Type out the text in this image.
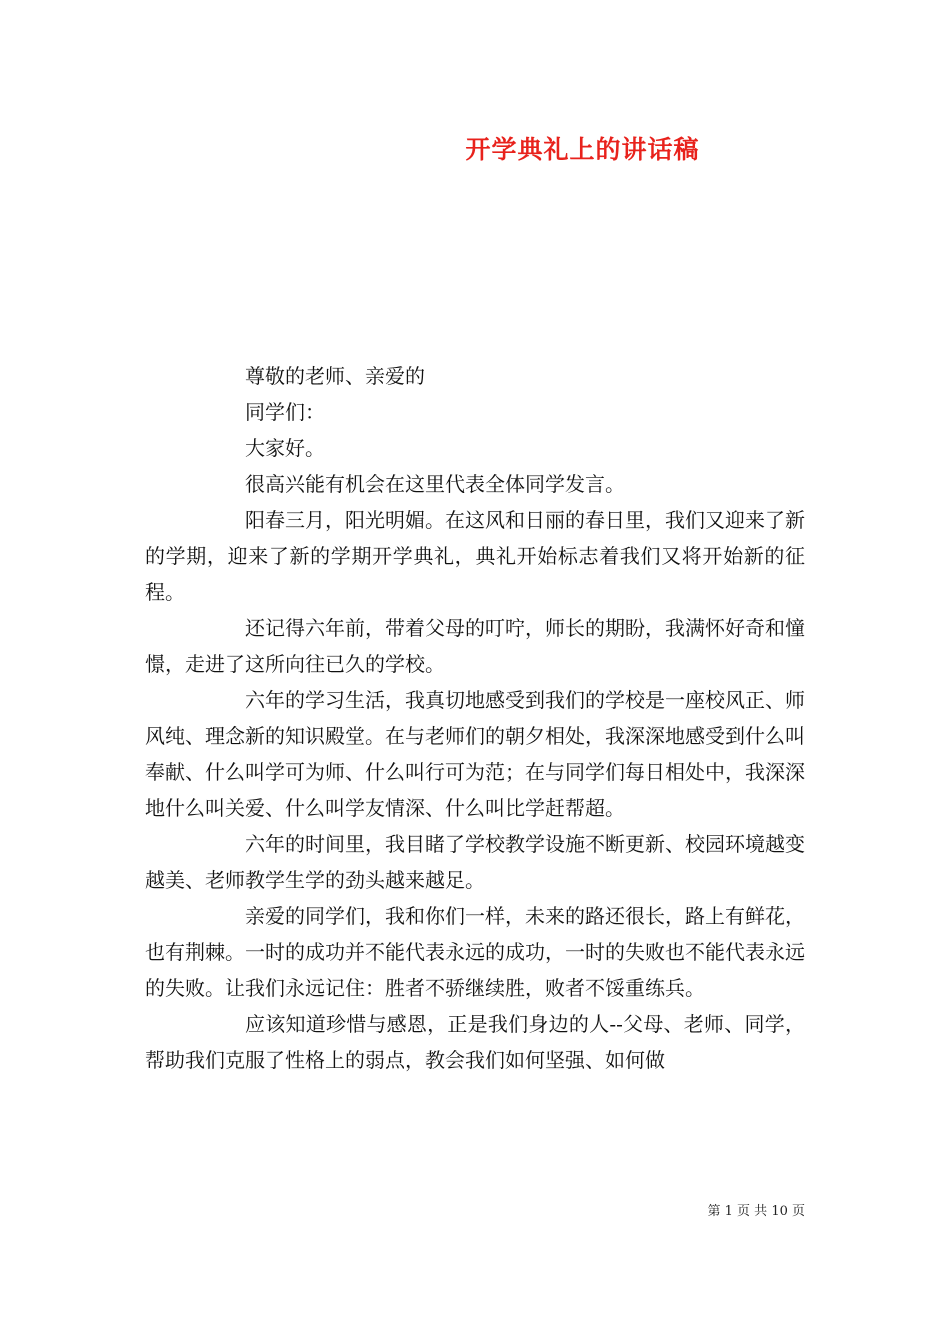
开学典礼上的讲话稿

尊敬的老师、亲爱的

同学们：

大家好。

很高兴能有机会在这里代表全体同学发言。

阳春三月，阳光明媚。在这风和日丽的春日里，我们又迎来了新的学期，迎来了新的学期开学典礼，典礼开始标志着我们又将开始新的征程。

还记得六年前，带着父母的叮咛，师长的期盼，我满怀好奇和憧憬，走进了这所向往已久的学校。

六年的学习生活，我真切地感受到我们的学校是一座校风正、师风纯、理念新的知识殿堂。在与老师们的朝夕相处，我深深地感受到什么叫奉献、什么叫学可为师、什么叫行可为范；在与同学们每日相处中，我深深地什么叫关爱、什么叫学友情深、什么叫比学赶帮超。

六年的时间里，我目睹了学校教学设施不断更新、校园环境越变越美、老师教学生学的劲头越来越足。

亲爱的同学们，我和你们一样，未来的路还很长，路上有鲜花，也有荆棘。一时的成功并不能代表永远的成功，一时的失败也不能代表永远的失败。让我们永远记住：胜者不骄继续胜，败者不馁重练兵。

应该知道珍惜与感恩，正是我们身边的人--父母、老师、同学，帮助我们克服了性格上的弱点，教会我们如何坚强、如何做

第 1 页 共 10 页
